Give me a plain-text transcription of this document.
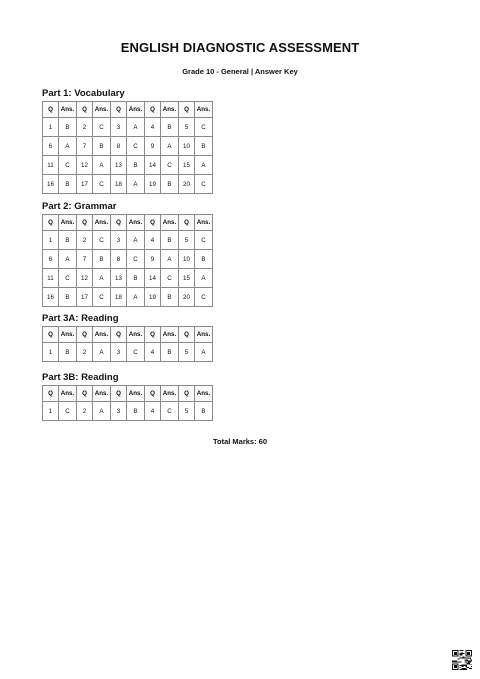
ENGLISH DIAGNOSTIC ASSESSMENT
Grade 10 - General | Answer Key
Part 1: Vocabulary
Q	Ans.	Q	Ans.	Q	Ans.	Q	Ans.	Q	Ans.
1	B	2	C	3	A	4	B	5	C
6	A	7	B	8	C	9	A	10	B
11	C	12	A	13	B	14	C	15	A
16	B	17	C	18	A	19	B	20	C
Part 2: Grammar
Q	Ans.	Q	Ans.	Q	Ans.	Q	Ans.	Q	Ans.
1	B	2	C	3	A	4	B	5	C
6	A	7	B	8	C	9	A	10	B
11	C	12	A	13	B	14	C	15	A
16	B	17	C	18	A	19	B	20	C
Part 3A: Reading
Q	Ans.	Q	Ans.	Q	Ans.	Q	Ans.	Q	Ans.
1	B	2	A	3	C	4	B	5	A
Part 3B: Reading
Q	Ans.	Q	Ans.	Q	Ans.	Q	Ans.	Q	Ans.
1	C	2	A	3	B	4	C	5	B
Total Marks: 60
